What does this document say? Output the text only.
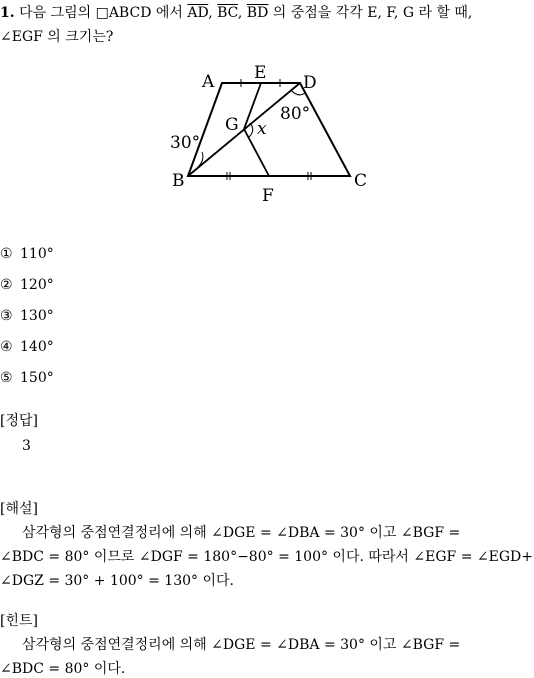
1. 다음 그림의 □ABCD 에서 $\overline{AD}$, $\overline{BC}$, $\overline{BD}$ 의 중점을 각각 E, F, G 라 할 때,
∠EGF 의 크기는?
A E D
G x
80°
30°
B
F
C
① 110°
② 120°
③ 130°
④ 140°
⑤ 150°
[정답]
3
[해설]
삼각형의 중점연결정리에 의해 ∠DGE = ∠DBA = 30° 이고 ∠BGF =
∠BDC = 80° 이므로 ∠DGF = 180°−80° = 100° 이다. 따라서 ∠EGF = ∠EGD+
∠DGZ = 30° + 100° = 130° 이다.
[힌트]
삼각형의 중점연결정리에 의해 ∠DGE = ∠DBA = 30° 이고 ∠BGF =
∠BDC = 80° 이다.
